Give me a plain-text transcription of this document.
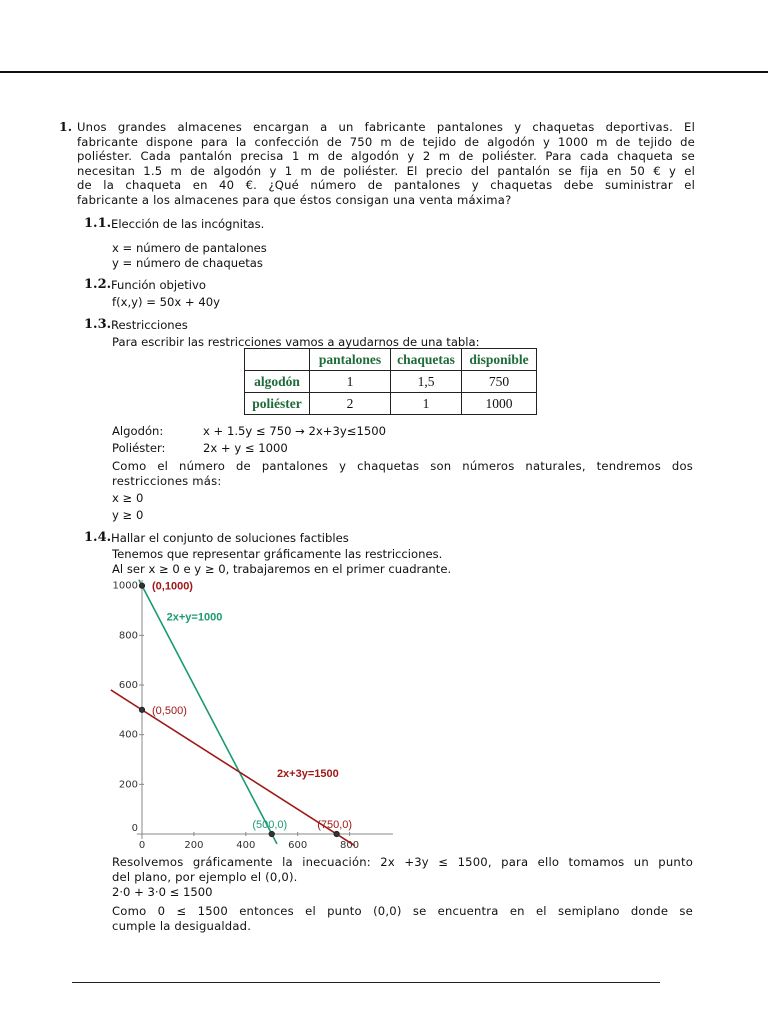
1. Unos grandes almacenes encargan a un fabricante pantalones y chaquetas deportivas. El
fabricante dispone para la confección de 750 m de tejido de algodón y 1000 m de tejido de
poliéster. Cada pantalón precisa 1 m de algodón y 2 m de poliéster. Para cada chaqueta se
necesitan 1.5 m de algodón y 1 m de poliéster. El precio del pantalón se fija en 50 € y el
de la chaqueta en 40 €. ¿Qué número de pantalones y chaquetas debe suministrar el
fabricante a los almacenes para que éstos consigan una venta máxima?
1.1. Elección de las incógnitas.
x = número de pantalones
y = número de chaquetas
1.2. Función objetivo
f(x,y) = 50x + 40y
1.3. Restricciones
Para escribir las restricciones vamos a ayudarnos de una tabla:
	pantalones	chaquetas	disponible
algodón	1	1,5	750
poliéster	2	1	1000
Algodón:	x + 1.5y ≤ 750 → 2x+3y≤1500
Poliéster:	2x + y ≤ 1000
Como el número de pantalones y chaquetas son números naturales, tendremos dos
restricciones más:
x ≥ 0
y ≥ 0
1.4. Hallar el conjunto de soluciones factibles
Tenemos que representar gráficamente las restricciones.
Al ser x ≥ 0 e y ≥ 0, trabajaremos en el primer cuadrante.
0	200	400	600	800
0
200
400
600
800
1000 (0,1000)
(0,500)
(500,0)	(750,0)
2x+y=1000
2x+3y=1500
Resolvemos gráficamente la inecuación: 2x +3y ≤ 1500, para ello tomamos un punto
del plano, por ejemplo el (0,0).
2·0 + 3·0 ≤ 1500
Como 0 ≤ 1500 entonces el punto (0,0) se encuentra en el semiplano donde se
cumple la desigualdad.
